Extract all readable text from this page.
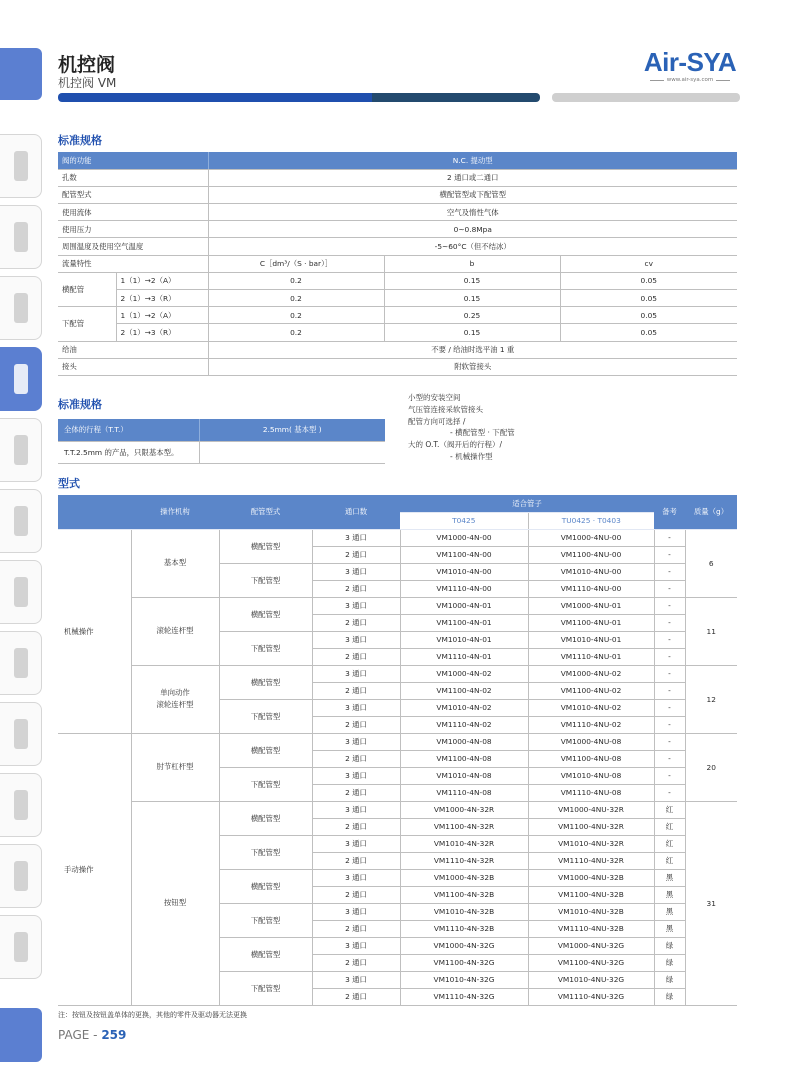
机控阀
机控阀 VM
Air-SYA
www.air-sya.com
标准规格
阀的功能		N.C. 提动型		
孔数		2 通口或二通口		
配管型式		横配管型或下配管型		
使用流体		空气及惰性气体		
使用压力		0~0.8Mpa		
周围温度及使用空气温度		-5~60°C（但不结冰）		
流量特性		C［dm³/（S · bar）］	b	cv
横配管	1（1）→2（A）	0.2	0.15	0.05
	2（1）→3（R）	0.2	0.15	0.05
下配管	1（1）→2（A）	0.2	0.25	0.05
	2（1）→3（R）	0.2	0.15	0.05
给油		不要 / 给油时选平油 1 重		
接头		附软管接头		
标准规格
全体的行程（T.T.）	2.5mm( 基本型 )
T.T.2.5mm 的产品，只限基本型。	
小型的安装空间
气压管连接采软管接头
配管方向可选择 /
- 横配管型 · 下配管
大的 O.T.（阀开后的行程）/
- 机械操作型
型式
	操作机构	配管型式	通口数	适合管子		备考	质量（g）
				T0425	TU0425 · T0403		
机械操作	基本型	横配管型	3 通口	VM1000-4N-00	VM1000-4NU-00	-	6
			2 通口	VM1100-4N-00	VM1100-4NU-00	-	
		下配管型	3 通口	VM1010-4N-00	VM1010-4NU-00	-	
			2 通口	VM1110-4N-00	VM1110-4NU-00	-	
	滚轮连杆型	横配管型	3 通口	VM1000-4N-01	VM1000-4NU-01	-	11
			2 通口	VM1100-4N-01	VM1100-4NU-01	-	
		下配管型	3 通口	VM1010-4N-01	VM1010-4NU-01	-	
			2 通口	VM1110-4N-01	VM1110-4NU-01	-	
	单向动作
滚轮连杆型	横配管型	3 通口	VM1000-4N-02	VM1000-4NU-02	-	12
			2 通口	VM1100-4N-02	VM1100-4NU-02	-	
		下配管型	3 通口	VM1010-4N-02	VM1010-4NU-02	-	
			2 通口	VM1110-4N-02	VM1110-4NU-02	-	
手动操作	肘节杠杆型	横配管型	3 通口	VM1000-4N-08	VM1000-4NU-08	-	20
			2 通口	VM1100-4N-08	VM1100-4NU-08	-	
		下配管型	3 通口	VM1010-4N-08	VM1010-4NU-08	-	
			2 通口	VM1110-4N-08	VM1110-4NU-08	-	
	按钮型	横配管型	3 通口	VM1000-4N-32R	VM1000-4NU-32R	红	31
			2 通口	VM1100-4N-32R	VM1100-4NU-32R	红	
		下配管型	3 通口	VM1010-4N-32R	VM1010-4NU-32R	红	
			2 通口	VM1110-4N-32R	VM1110-4NU-32R	红	
		横配管型	3 通口	VM1000-4N-32B	VM1000-4NU-32B	黑	
			2 通口	VM1100-4N-32B	VM1100-4NU-32B	黑	
		下配管型	3 通口	VM1010-4N-32B	VM1010-4NU-32B	黑	
			2 通口	VM1110-4N-32B	VM1110-4NU-32B	黑	
		横配管型	3 通口	VM1000-4N-32G	VM1000-4NU-32G	绿	
			2 通口	VM1100-4N-32G	VM1100-4NU-32G	绿	
		下配管型	3 通口	VM1010-4N-32G	VM1010-4NU-32G	绿	
			2 通口	VM1110-4N-32G	VM1110-4NU-32G	绿	
注：按钮及按钮盖单体的更换，其他的零件及驱动器无法更换
PAGE - 259
